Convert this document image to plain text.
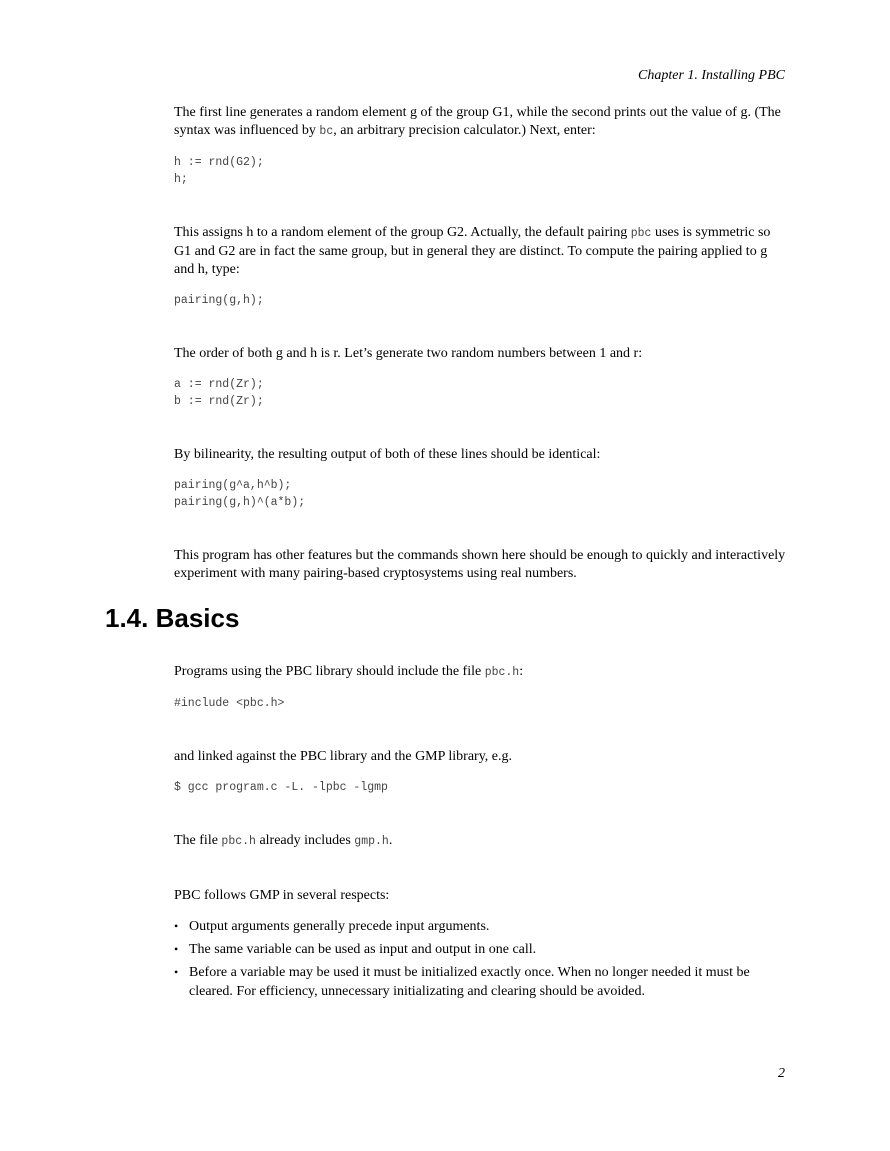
Chapter 1. Installing PBC

The first line generates a random element g of the group G1, while the second prints out the value of g. (The syntax was influenced by bc, an arbitrary precision calculator.) Next, enter:

h := rnd(G2);
h;

This assigns h to a random element of the group G2. Actually, the default pairing pbc uses is symmetric so G1 and G2 are in fact the same group, but in general they are distinct. To compute the pairing applied to g and h, type:

pairing(g,h);

The order of both g and h is r. Let’s generate two random numbers between 1 and r:

a := rnd(Zr);
b := rnd(Zr);

By bilinearity, the resulting output of both of these lines should be identical:

pairing(g^a,h^b);
pairing(g,h)^(a*b);

This program has other features but the commands shown here should be enough to quickly and interactively experiment with many pairing-based cryptosystems using real numbers.

1.4. Basics

Programs using the PBC library should include the file pbc.h:

#include <pbc.h>

and linked against the PBC library and the GMP library, e.g.

$ gcc program.c -L. -lpbc -lgmp

The file pbc.h already includes gmp.h.

PBC follows GMP in several respects:

• Output arguments generally precede input arguments.
• The same variable can be used as input and output in one call.
• Before a variable may be used it must be initialized exactly once. When no longer needed it must be cleared. For efficiency, unnecessary initializating and clearing should be avoided.
2
